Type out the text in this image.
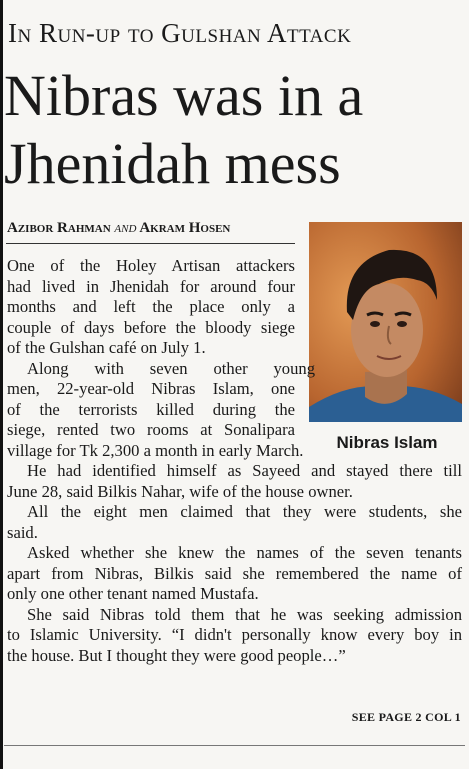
In Run-up to Gulshan Attack
Nibras was in a
Jhenidah mess
Azibor Rahman and Akram Hosen
Nibras Islam
One of the Holey Artisan attackers
had lived in Jhenidah for around four
months and left the place only a
couple of days before the bloody siege
of the Gulshan café on July 1.
Along with seven other young
men, 22-year-old Nibras Islam, one
of the terrorists killed during the
siege, rented two rooms at Sonalipara
village for Tk 2,300 a month in early March.
He had identified himself as Sayeed and stayed there till
June 28, said Bilkis Nahar, wife of the house owner.
All the eight men claimed that they were students, she
said.
Asked whether she knew the names of the seven tenants
apart from Nibras, Bilkis said she remembered the name of
only one other tenant named Mustafa.
She said Nibras told them that he was seeking admission
to Islamic University. “I didn't personally know every boy in
the house. But I thought they were good people…”
SEE PAGE 2 COL 1
